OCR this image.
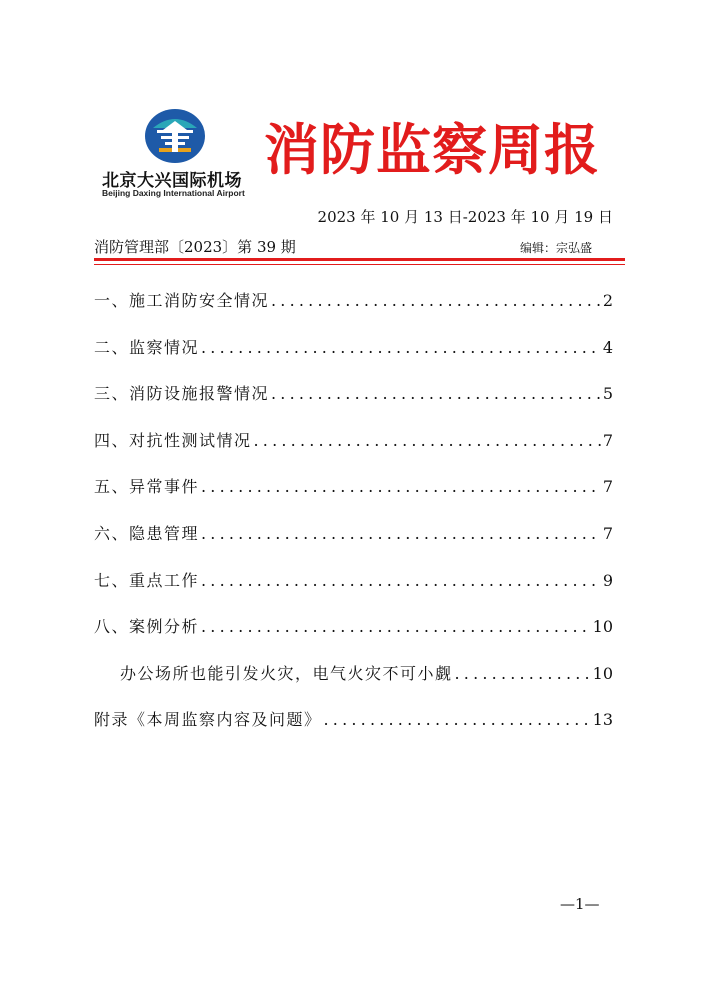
北京大兴国际机场
Beijing Daxing International Airport
消防监察周报
2023 年 10 月 13 日-2023 年 10 月 19 日
消防管理部〔2023〕第 39 期	编辑：宗弘盛
一、施工消防安全情况 .....	2
二、监察情况 .....	4
三、消防设施报警情况 .....	5
四、对抗性测试情况 .....	7
五、异常事件 .....	7
六、隐患管理 .....	7
七、重点工作 .....	9
八、案例分析 .....	10
办公场所也能引发火灾，电气火灾不可小觑 .....	10
附录《本周监察内容及问题》 .....	13
—1—
